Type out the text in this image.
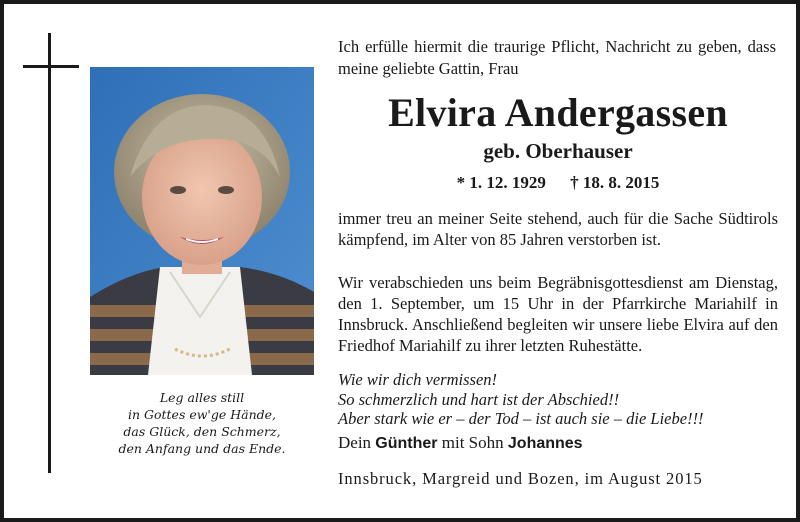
Leg alles still
in Gottes ew'ge Hände,
das Glück, den Schmerz,
den Anfang und das Ende.
Ich erfülle hiermit die traurige Pflicht, Nachricht zu geben, dass meine geliebte Gattin, Frau
Elvira Andergassen
geb. Oberhauser
* 1. 12. 1929 † 18. 8. 2015
immer treu an meiner Seite stehend, auch für die Sache Südtirols kämpfend, im Alter von 85 Jahren verstorben ist.
Wir verabschieden uns beim Begräbnisgottesdienst am Dienstag, den 1. September, um 15 Uhr in der Pfarrkirche Mariahilf in Innsbruck. Anschließend begleiten wir unsere liebe Elvira auf den Friedhof Mariahilf zu ihrer letzten Ruhestätte.
Wie wir dich vermissen!
So schmerzlich und hart ist der Abschied!!
Aber stark wie er – der Tod – ist auch sie – die Liebe!!!
Dein Günther mit Sohn Johannes
Innsbruck, Margreid und Bozen, im August 2015
